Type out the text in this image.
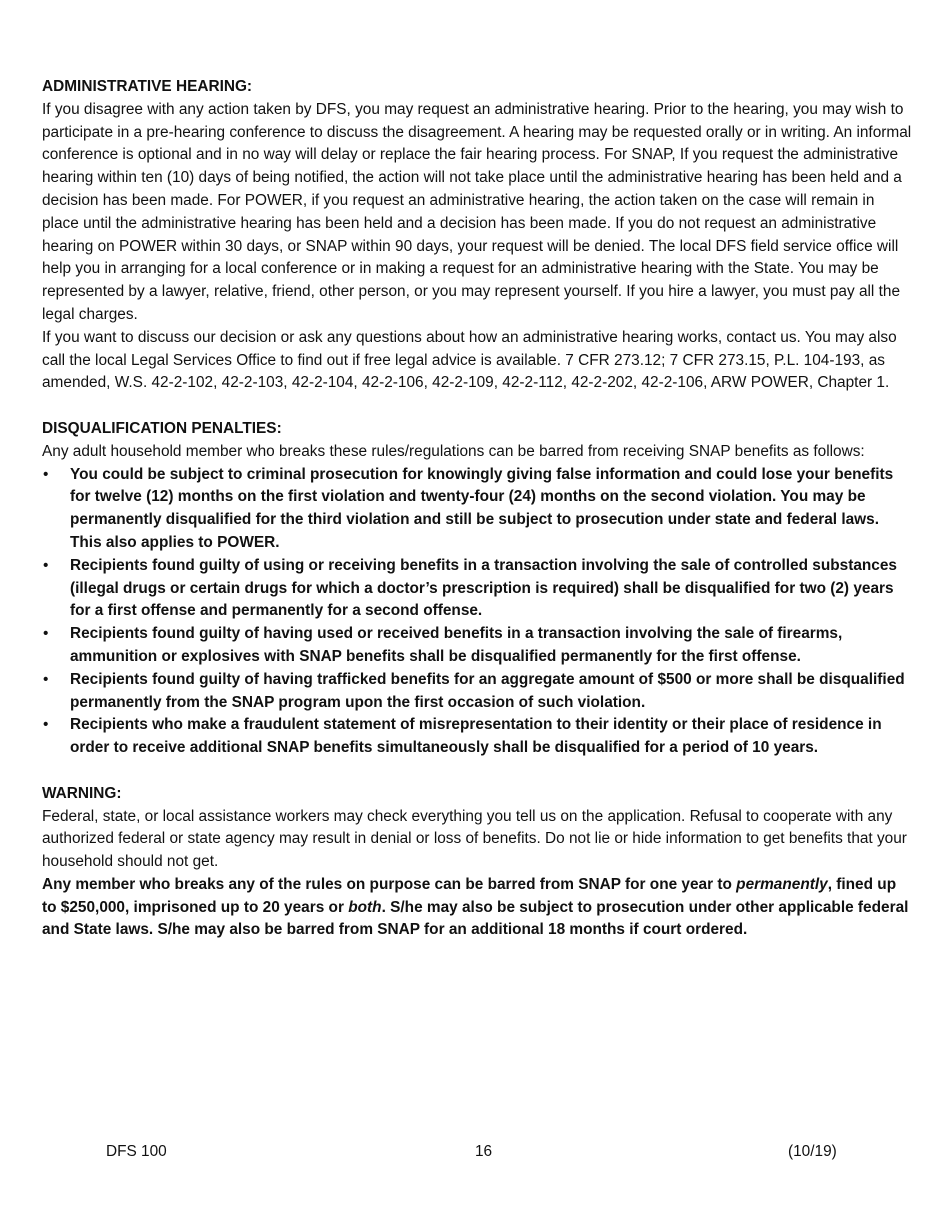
ADMINISTRATIVE HEARING:

If you disagree with any action taken by DFS, you may request an administrative hearing. Prior to the hearing, you may wish to participate in a pre-hearing conference to discuss the disagreement. A hearing may be requested orally or in writing. An informal conference is optional and in no way will delay or replace the fair hearing process. For SNAP, If you request the administrative hearing within ten (10) days of being notified, the action will not take place until the administrative hearing has been held and a decision has been made. For POWER, if you request an administrative hearing, the action taken on the case will remain in place until the administrative hearing has been held and a decision has been made. If you do not request an administrative hearing on POWER within 30 days, or SNAP within 90 days, your request will be denied. The local DFS field service office will help you in arranging for a local conference or in making a request for an administrative hearing with the State. You may be represented by a lawyer, relative, friend, other person, or you may represent yourself. If you hire a lawyer, you must pay all the legal charges.

If you want to discuss our decision or ask any questions about how an administrative hearing works, contact us. You may also call the local Legal Services Office to find out if free legal advice is available. 7 CFR 273.12; 7 CFR 273.15, P.L. 104-193, as amended, W.S. 42-2-102, 42-2-103, 42-2-104, 42-2-106, 42-2-109, 42-2-112, 42-2-202, 42-2-106, ARW POWER, Chapter 1.

DISQUALIFICATION PENALTIES:

Any adult household member who breaks these rules/regulations can be barred from receiving SNAP benefits as follows:

• You could be subject to criminal prosecution for knowingly giving false information and could lose your benefits for twelve (12) months on the first violation and twenty-four (24) months on the second violation. You may be permanently disqualified for the third violation and still be subject to prosecution under state and federal laws. This also applies to POWER.
• Recipients found guilty of using or receiving benefits in a transaction involving the sale of controlled substances (illegal drugs or certain drugs for which a doctor’s prescription is required) shall be disqualified for two (2) years for a first offense and permanently for a second offense.
• Recipients found guilty of having used or received benefits in a transaction involving the sale of firearms, ammunition or explosives with SNAP benefits shall be disqualified permanently for the first offense.
• Recipients found guilty of having trafficked benefits for an aggregate amount of $500 or more shall be disqualified permanently from the SNAP program upon the first occasion of such violation.
• Recipients who make a fraudulent statement of misrepresentation to their identity or their place of residence in order to receive additional SNAP benefits simultaneously shall be disqualified for a period of 10 years.

WARNING:

Federal, state, or local assistance workers may check everything you tell us on the application. Refusal to cooperate with any authorized federal or state agency may result in denial or loss of benefits. Do not lie or hide information to get benefits that your household should not get.

Any member who breaks any of the rules on purpose can be barred from SNAP for one year to permanently, fined up to $250,000, imprisoned up to 20 years or both. S/he may also be subject to prosecution under other applicable federal and State laws. S/he may also be barred from SNAP for an additional 18 months if court ordered.

DFS 100	16	(10/19)
